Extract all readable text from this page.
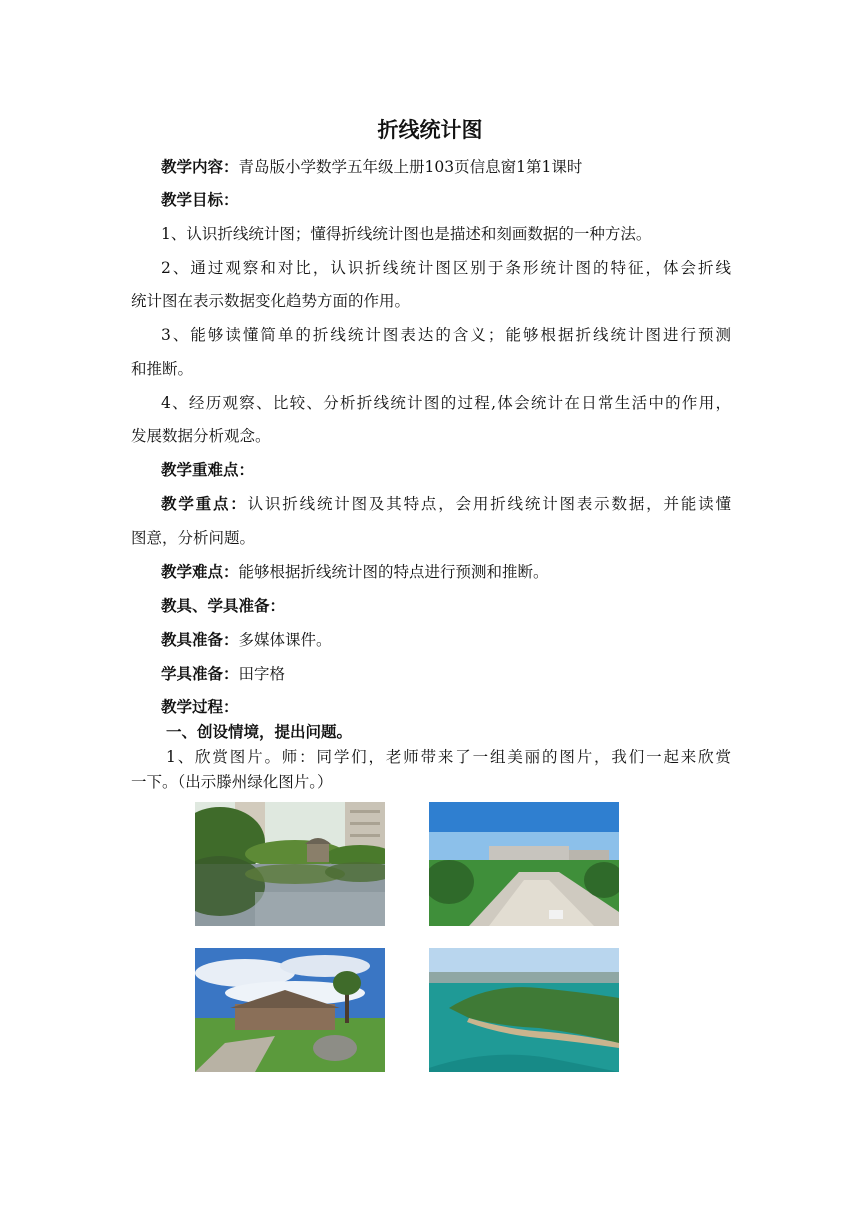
折线统计图
教学内容：青岛版小学数学五年级上册103页信息窗1第1课时
教学目标：
1、认识折线统计图；懂得折线统计图也是描述和刻画数据的一种方法。
2、通过观察和对比，认识折线统计图区别于条形统计图的特征，体会折线
统计图在表示数据变化趋势方面的作用。
3、能够读懂简单的折线统计图表达的含义；能够根据折线统计图进行预测
和推断。
4、经历观察、比较、分析折线统计图的过程,体会统计在日常生活中的作用，
发展数据分析观念。
教学重难点：
教学重点：认识折线统计图及其特点，会用折线统计图表示数据，并能读懂
图意，分析问题。
教学难点：能够根据折线统计图的特点进行预测和推断。
教具、学具准备：
教具准备：多媒体课件。
学具准备：田字格
教学过程：
一、创设情境，提出问题。
1、欣赏图片。师：同学们，老师带来了一组美丽的图片，我们一起来欣赏
一下。（出示滕州绿化图片。）
